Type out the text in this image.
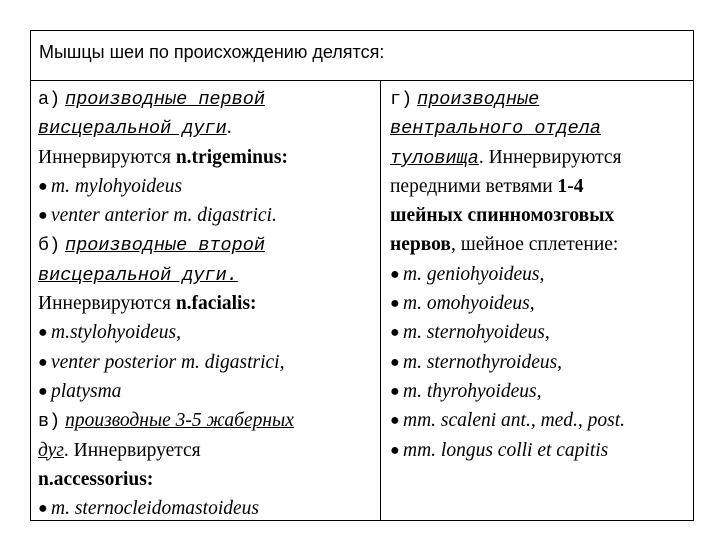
Мышцы шеи по происхождению делятся:
а) производные первой
висцеральной дуги.
Иннервируются n.trigeminus:
● m. mylohyoideus
● venter anterior m. digastrici.
б) производные второй
висцеральной дуги.
Иннервируются n.facialis:
● m.stylohyoideus,
● venter posterior m. digastrici,
● platysma
в) производные 3-5 жаберных
дуг. Иннервируется
n.accessorius:
● m. sternocleidomastoideus
г) производные
вентрального отдела
туловища. Иннервируются
передними ветвями 1-4
шейных спинномозговых
нервов, шейное сплетение:
● m. geniohyoideus,
● m. omohyoideus,
● m. sternohyoideus,
● m. sternothyroideus,
● m. thyrohyoideus,
● mm. scaleni ant., med., post.
● mm. longus colli et capitis
